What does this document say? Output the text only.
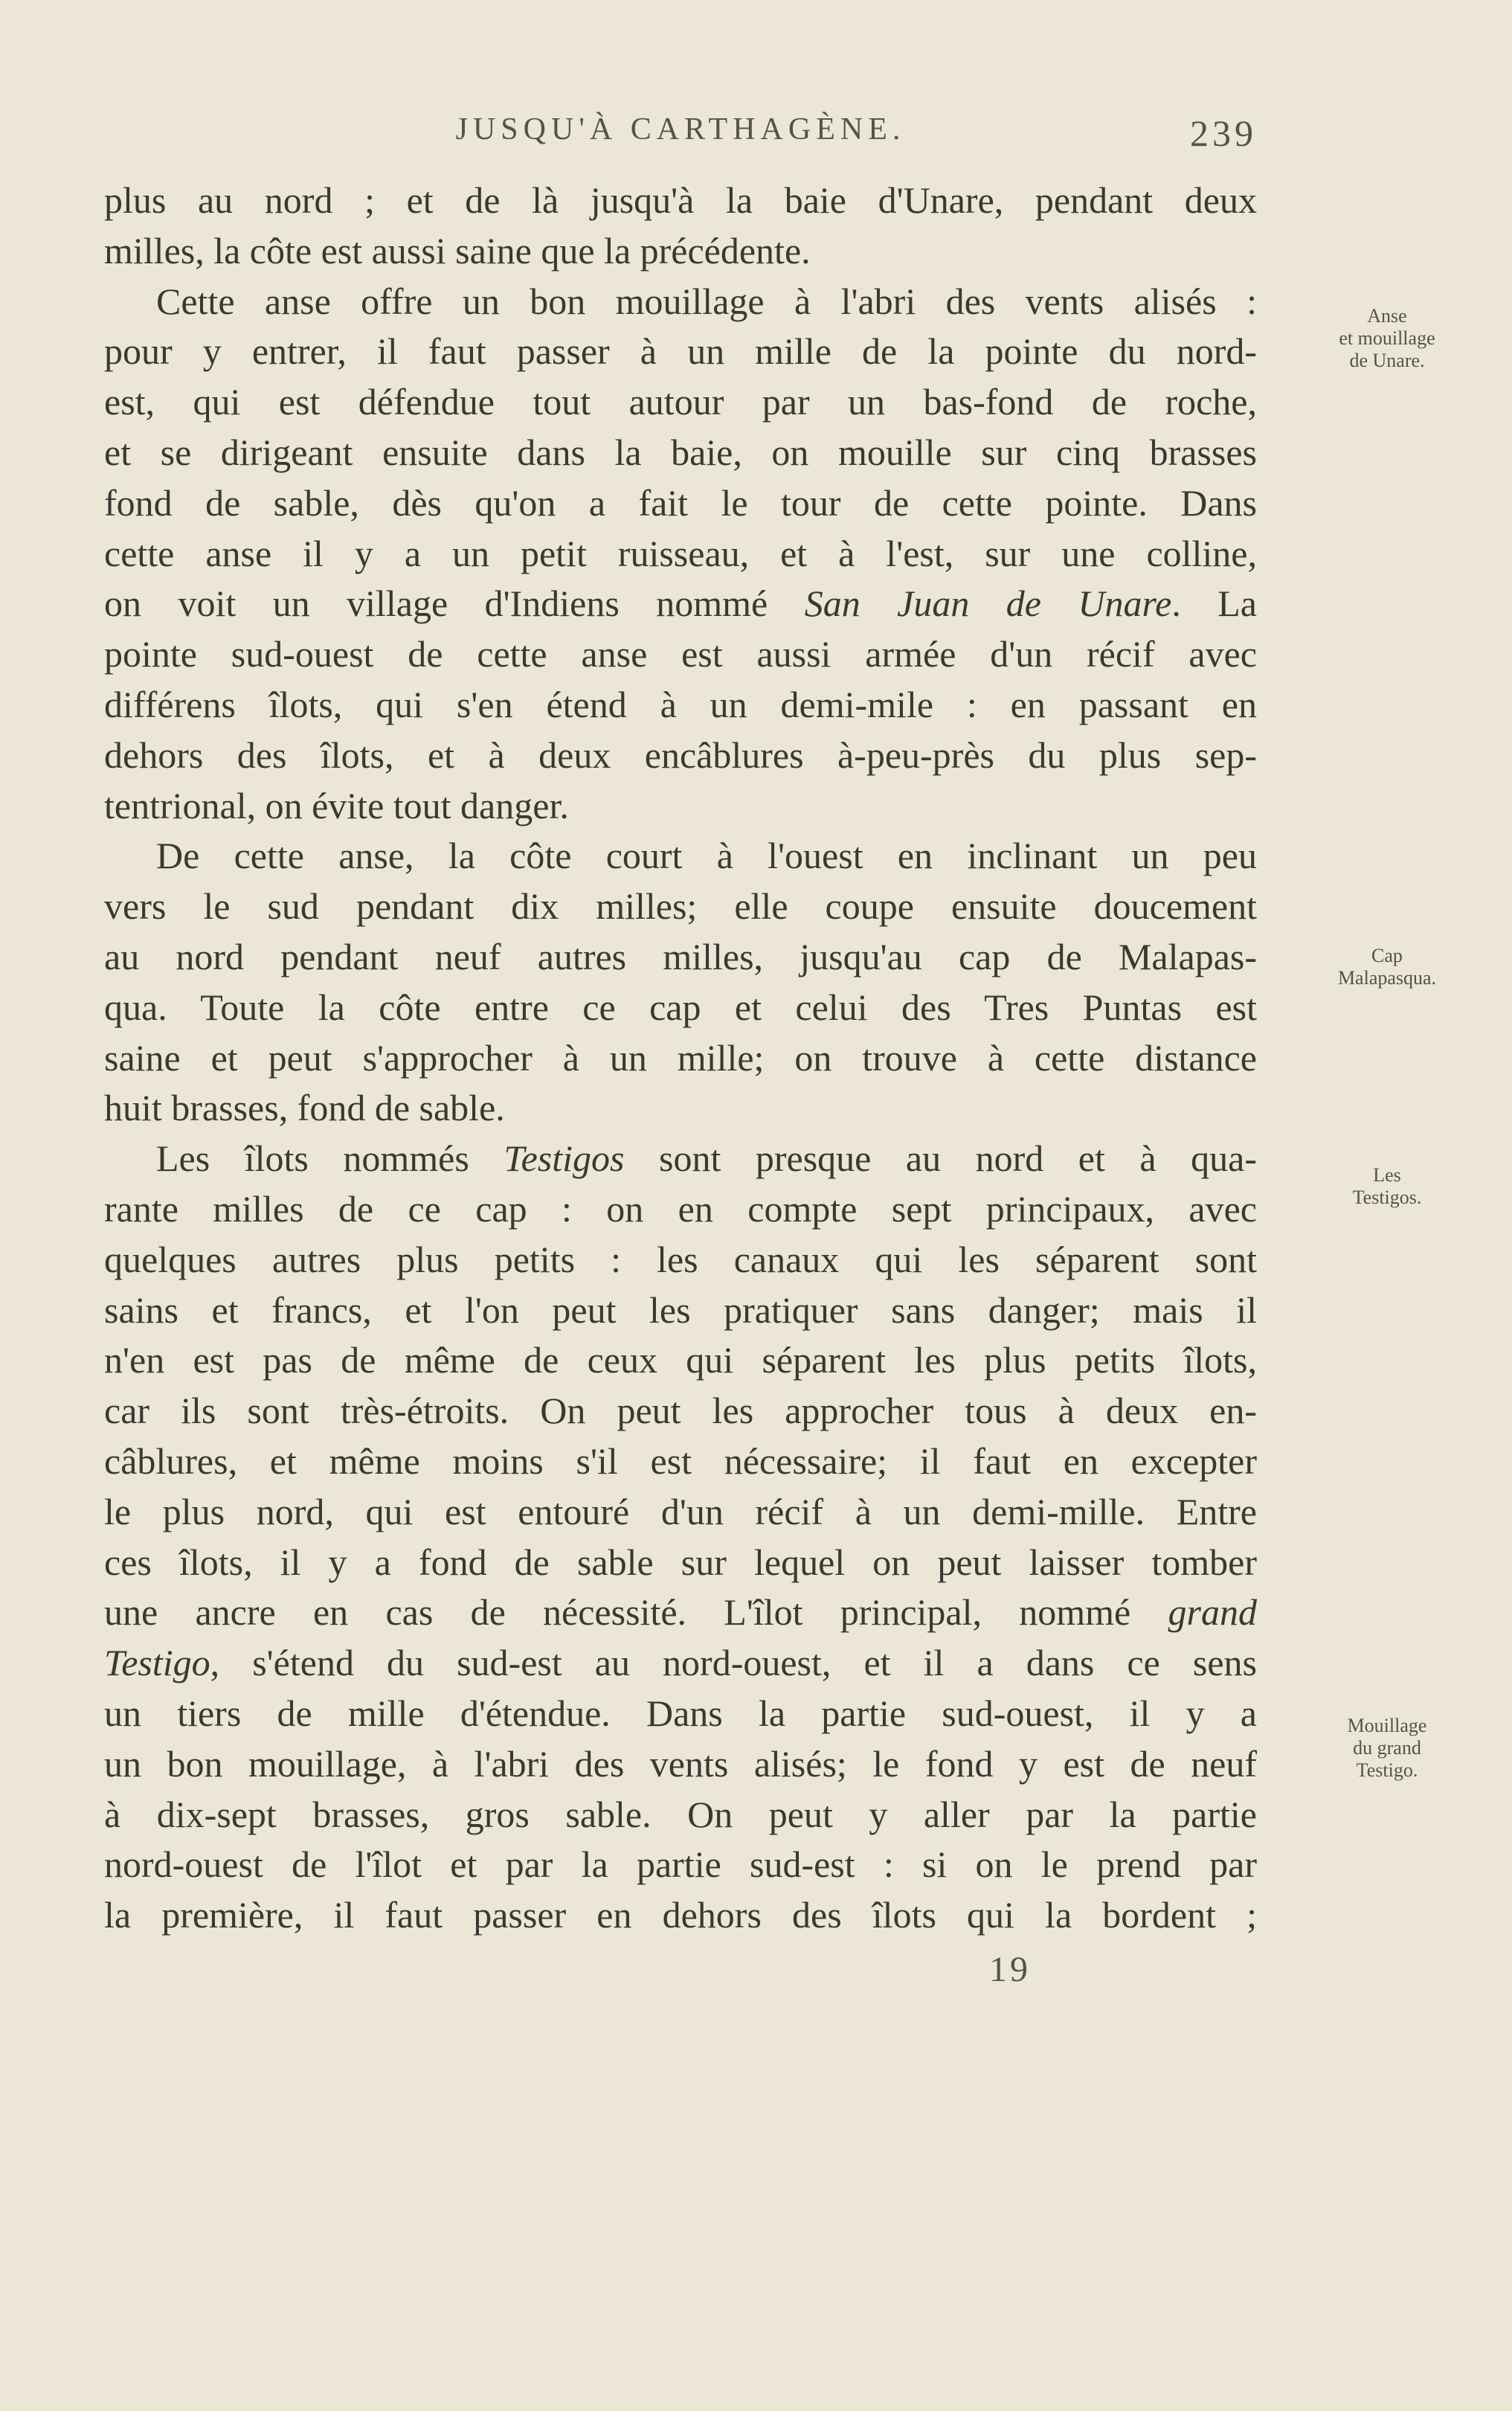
JUSQU'À CARTHAGÈNE.	239
plus au nord ; et de là jusqu'à la baie d'Unare, pendant deux
milles, la côte est aussi saine que la précédente.
Cette anse offre un bon mouillage à l'abri des vents alisés :
pour y entrer, il faut passer à un mille de la pointe du nord-
est, qui est défendue tout autour par un bas-fond de roche,
et se dirigeant ensuite dans la baie, on mouille sur cinq brasses
fond de sable, dès qu'on a fait le tour de cette pointe. Dans
cette anse il y a un petit ruisseau, et à l'est, sur une colline,
on voit un village d'Indiens nommé San Juan de Unare. La
pointe sud-ouest de cette anse est aussi armée d'un récif avec
différens îlots, qui s'en étend à un demi-mile : en passant en
dehors des îlots, et à deux encâblures à-peu-près du plus sep-
tentrional, on évite tout danger.
De cette anse, la côte court à l'ouest en inclinant un peu
vers le sud pendant dix milles; elle coupe ensuite doucement
au nord pendant neuf autres milles, jusqu'au cap de Malapas-
qua. Toute la côte entre ce cap et celui des Tres Puntas est
saine et peut s'approcher à un mille; on trouve à cette distance
huit brasses, fond de sable.
Les îlots nommés Testigos sont presque au nord et à qua-
rante milles de ce cap : on en compte sept principaux, avec
quelques autres plus petits : les canaux qui les séparent sont
sains et francs, et l'on peut les pratiquer sans danger; mais il
n'en est pas de même de ceux qui séparent les plus petits îlots,
car ils sont très-étroits. On peut les approcher tous à deux en-
câblures, et même moins s'il est nécessaire; il faut en excepter
le plus nord, qui est entouré d'un récif à un demi-mille. Entre
ces îlots, il y a fond de sable sur lequel on peut laisser tomber
une ancre en cas de nécessité. L'îlot principal, nommé grand
Testigo, s'étend du sud-est au nord-ouest, et il a dans ce sens
un tiers de mille d'étendue. Dans la partie sud-ouest, il y a
un bon mouillage, à l'abri des vents alisés; le fond y est de neuf
à dix-sept brasses, gros sable. On peut y aller par la partie
nord-ouest de l'îlot et par la partie sud-est : si on le prend par
la première, il faut passer en dehors des îlots qui la bordent ;
19
Anse
et mouillage
de Unare.
Cap
Malapasqua.
Les
Testigos.
Mouillage
du grand
Testigo.
